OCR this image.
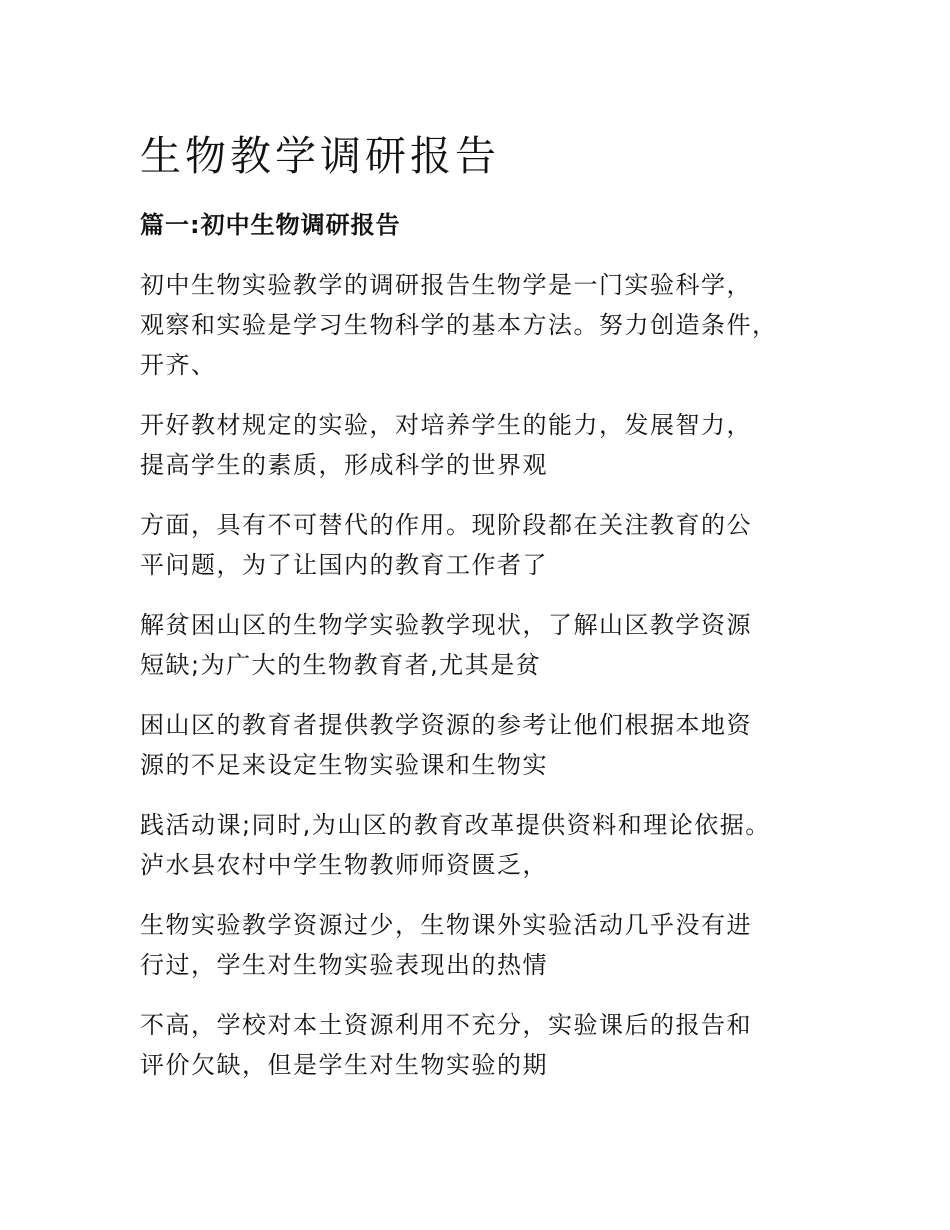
生物教学调研报告
篇一:初中生物调研报告

初中生物实验教学的调研报告生物学是一门实验科学，
观察和实验是学习生物科学的基本方法。努力创造条件，
开齐、

开好教材规定的实验，对培养学生的能力，发展智力，
提高学生的素质，形成科学的世界观

方面，具有不可替代的作用。现阶段都在关注教育的公
平问题，为了让国内的教育工作者了

解贫困山区的生物学实验教学现状，了解山区教学资源
短缺;为广大的生物教育者,尤其是贫

困山区的教育者提供教学资源的参考让他们根据本地资
源的不足来设定生物实验课和生物实

践活动课;同时,为山区的教育改革提供资料和理论依据。
泸水县农村中学生物教师师资匮乏，

生物实验教学资源过少，生物课外实验活动几乎没有进
行过，学生对生物实验表现出的热情

不高，学校对本土资源利用不充分，实验课后的报告和
评价欠缺，但是学生对生物实验的期
